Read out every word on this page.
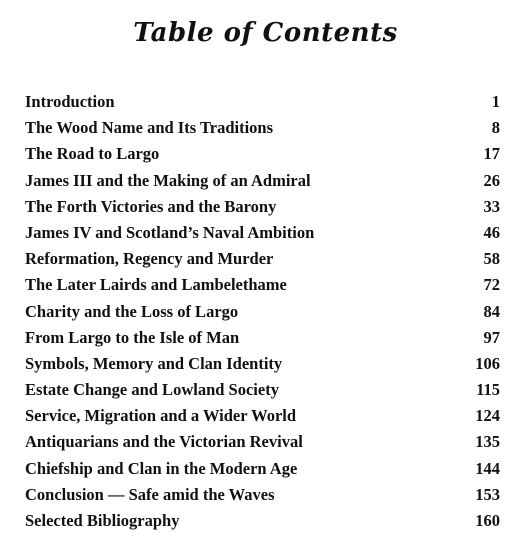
Table of Contents
Introduction	1
The Wood Name and Its Traditions	8
The Road to Largo	17
James III and the Making of an Admiral	26
The Forth Victories and the Barony	33
James IV and Scotland’s Naval Ambition	46
Reformation, Regency and Murder	58
The Later Lairds and Lambelethame	72
Charity and the Loss of Largo	84
From Largo to the Isle of Man	97
Symbols, Memory and Clan Identity	106
Estate Change and Lowland Society	115
Service, Migration and a Wider World	124
Antiquarians and the Victorian Revival	135
Chiefship and Clan in the Modern Age	144
Conclusion — Safe amid the Waves	153
Selected Bibliography	160
